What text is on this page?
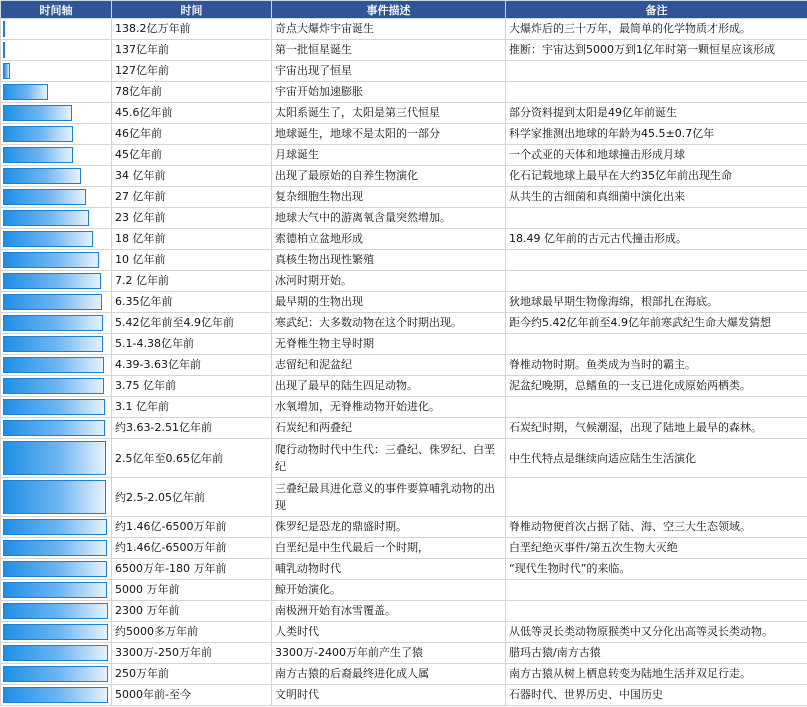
时间轴	时间	事件描述	备注

	138.2亿万年前	奇点大爆炸宇宙诞生	大爆炸后的三十万年，最简单的化学物质才形成。

	137亿年前	第一批恒星诞生	推断：宇宙达到5000万到1亿年时第一颗恒星应该形成

	127亿年前	宇宙出现了恒星	

	78亿年前	宇宙开始加速膨胀	

	45.6亿年前	太阳系诞生了，太阳是第三代恒星	部分资料提到太阳是49亿年前诞生

	46亿年前	地球诞生，地球不是太阳的一部分	科学家推测出地球的年龄为45.5±0.7亿年

	45亿年前	月球诞生	一个忒亚的天体和地球撞击形成月球

	34 亿年前	出现了最原始的自养生物演化	化石记载地球上最早在大约35亿年前出现生命

	27 亿年前	复杂细胞生物出现	从共生的古细菌和真细菌中演化出来

	23 亿年前	地球大气中的游离氧含量突然增加。	

	18 亿年前	索德柏立盆地形成	18.49 亿年前的古元古代撞击形成。

	10 亿年前	真核生物出现性繁殖	

	7.2 亿年前	冰河时期开始。	

	6.35亿年前	最早期的生物出现	狄地球最早期生物像海绵，根部扎在海底。

	5.42亿年前至4.9亿年前	寒武纪：大多数动物在这个时期出现。	距今约5.42亿年前至4.9亿年前寒武纪生命大爆发猜想

	5.1-4.38亿年前	无脊椎生物主导时期	

	4.39-3.63亿年前	志留纪和泥盆纪	脊椎动物时期。鱼类成为当时的霸主。

	3.75 亿年前	出现了最早的陆生四足动物。	泥盆纪晚期，总鳍鱼的一支已进化成原始两栖类。

	3.1 亿年前	水氧增加，无脊椎动物开始进化。	

	约3.63-2.51亿年前	石炭纪和两叠纪	石炭纪时期，气候潮湿，出现了陆地上最早的森林。

	2.5亿年至0.65亿年前	爬行动物时代中生代：三叠纪、侏罗纪、白垩纪	中生代特点是继续向适应陆生生活演化

	约2.5-2.05亿年前	三叠纪最具进化意义的事件要算哺乳动物的出现	

	约1.46亿-6500万年前	侏罗纪是恐龙的鼎盛时期。	脊椎动物便首次占据了陆、海、空三大生态领域。

	约1.46亿-6500万年前	白垩纪是中生代最后一个时期，	白垩纪绝灭事件/第五次生物大灭绝

	6500万年-180 万年前	哺乳动物时代	“现代生物时代”的来临。

	5000 万年前	鲸开始演化。	

	2300 万年前	南极洲开始有冰雪覆盖。	

	约5000多万年前	人类时代	从低等灵长类动物原猴类中又分化出高等灵长类动物。

	3300万-250万年前	3300万-2400万年前产生了猿	腊玛古猿/南方古猿

	250万年前	南方古猿的后裔最终进化成人属	南方古猿从树上栖息转变为陆地生活并双足行走。

	5000年前-至今	文明时代	石器时代、世界历史、中国历史
